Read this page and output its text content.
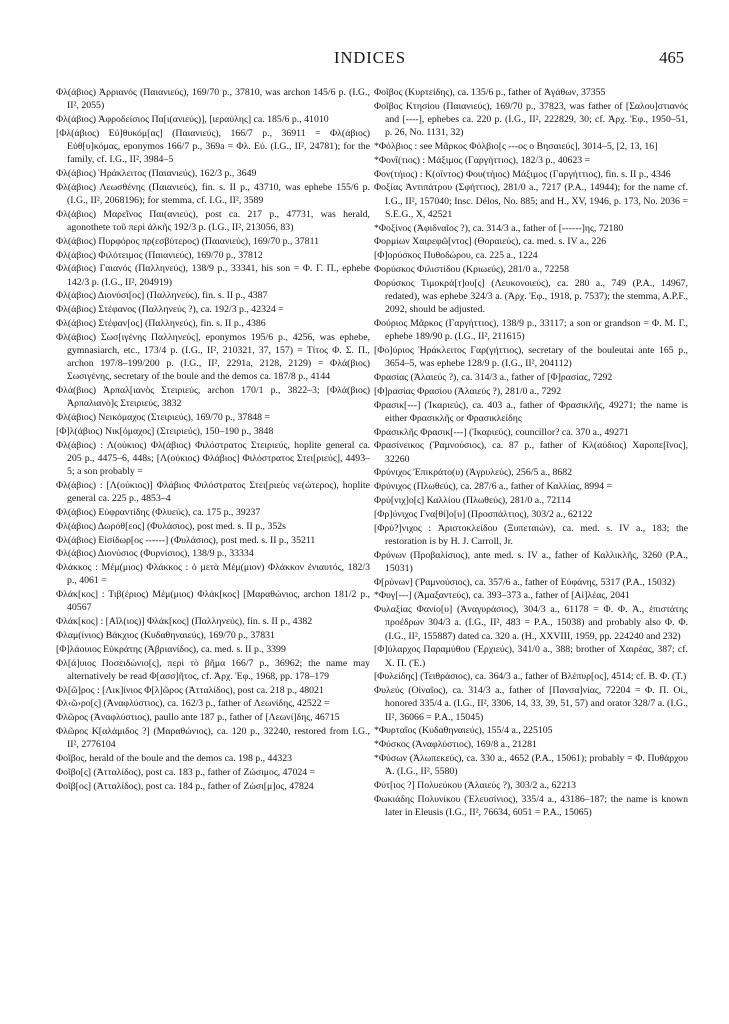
INDICES	465

Φλ(άβιος) Ἀρριανός (Παιανιεύς), 169/70 p., 37810, was archon 145/6 p. (I.G., II², 2055)

Φλ(άβιος) Ἀφροδείσιος Πα[ι(ανιεύς)], [ιεραύλης] ca. 185/6 p., 41010

[Φλ(άβιος) Εὐ]θυκόμ[ας] (Παιανιεύς), 166/7 p., 36911 = Φλ(άβιος) Εὐθ[υ]κόμας, eponymos 166/7 p., 369a = Φλ. Εὐ. (I.G., II², 24781); for the family, cf. I.G., II², 3984–5

Φλ(άβιος) Ἡράκλειτος (Παιανιεύς), 162/3 p., 3649

Φλ(άβιος) Λεωσθένης (Παιανιεύς), fin. s. II p., 43710, was ephebe 155/6 p. (I.G., II², 2068196); for stemma, cf. I.G., II², 3589

Φλ(άβιος) Μαρεῖνος Παι(ανιεύς), post ca. 217 p., 47731, was herald, agonothete τοῦ περὶ ἀλκῆς 192/3 p. (I.G., II², 213056, 83)

Φλ(άβιος) Πυρφόρος πρ(εσβύτερος) (Παιανιεύς), 169/70 p., 37811

Φλ(άβιος) Φιλότειμος (Παιανιεύς), 169/70 p., 37812

Φλ(άβιος) Γαιανός (Παλληνεύς), 138/9 p., 33341, his son = Φ. Γ. Π., ephebe 142/3 p. (I.G., II², 204919)

Φλ(άβιος) Διονύσι[ος] (Παλληνεύς), fin. s. II p., 4387

Φλ(άβιος) Στέφανος (Παλληνεύς ?), ca. 192/3 p., 42324 =

Φλ(άβιος) Στέφαν[ος] (Παλληνεύς), fin. s. II p., 4386

Φλ(άβιος) Σωσ[ιγένης Παλληνεύς], eponymos 195/6 p., 4256, was ephebe, gymnasiarch, etc., 173/4 p. (I.G., II², 210321, 37, 157) = Τίτος Φ. Σ. Π., archon 197/8–199/200 p. (I.G., II², 2291a, 2128, 2129) = Φλά(βιος) Σωσιγένης, secretary of the boule and the demos ca. 187/8 p., 4144

Φλά(βιος) Ἀρπαλ[ιανὸς Στειριεύς, archon 170/1 p., 3822–3; [Φλά(βιος) Ἀρπαλιανὸ]ς Στειριεύς, 3832

Φλ(άβιος) Νεικόμαχος (Στειριεύς), 169/70 p., 37848 =

[Φ]λ(άβιος) Νικ[όμαχος] (Στειριεύς), 150–190 p., 3848

Φλ(άβιος) : Λ(ούκιος) Φλ(άβιος) Φιλόστρατος Στειριεύς, hoplite general ca. 205 p., 4475–6, 448s; [Λ(ούκιος) Φλάβιος] Φιλόστρατος Στει[ριεύς], 4493–5; a son probably =

Φλ(άβιος) : [Λ(ούκιος)] Φλάβιος Φιλόστρατος Στει[ριεὺς νε(ώτερος), hoplite general ca. 225 p., 4853–4

Φλ(άβιος) Εὐφραντίδης (Φλυεύς), ca. 175 p., 39237

Φλ(άβιος) Δωρόθ[εος] (Φυλάσιος), post med. s. II p., 352s

Φλ(άβιος) Εἰσίδωρ[ος ------] (Φυλάσιος), post med. s. II p., 35211

Φλ(άβιος) Διονύσιος (Φυρνίσιος), 138/9 p., 33334

Φλάκκος : Μέμ(μιος) Φλάκκος : ὁ μετὰ Μέμ(μιον) Φλάκκον ἐνιαυτός, 182/3 p., 4061 =

Φλάκ[κος] : Τιβ(έριος) Μέμ(μιος) Φλάκ[κος] [Μαραθώνιος, archon 181/2 p., 40567

Φλάκ[κος] : [Αἴλ(ιος)] Φλάκ[κος] (Παλληνεύς), fin. s. II p., 4382

Φλαμ(ίνιος) Βάκχιος (Κυδαθηναιεύς), 169/70 p., 37831

[Φ]λάουιος Εὐκράτης (Ἀβριανίδος), ca. med. s. II p., 3399

Φλ[ά]υιος Ποσειδώνιο[ς], περὶ τὸ βῆμα 166/7 p., 36962; the name may alternatively be read Φ[ασσ]ῆτος, cf. Ἀρχ. Ἐφ., 1968, pp. 178–179

Φλ[ῶ]ρος : [Λικ]ίνιος Φ[λ]ῶρος (Ἀτταλίδος), post ca. 218 p., 48021

Φλ‹ῶ›ρο[ς] (Ἀναφλύστιος), ca. 162/3 p., father of Λεωνίδης, 42522 =

Φλῶρος (Ἀναφλύστιος), paullo ante 187 p., father of [Λεωνί]δης, 46715

Φλῶρος Κ[αλάμιδος ?] (Μαραθώνιος), ca. 120 p., 32240, restored from I.G., II², 2776104

Φοῖβος, herald of the boule and the demos ca. 198 p., 44323

Φοῖβο[ς] (Ἀτταλίδος), post ca. 183 p., father of Ζώσιμος, 47024 =

Φοῖβ[ος] (Ἀτταλίδος), post ca. 184 p., father of Ζώσι[μ]ος, 47824

Φοῖβος (Κυρτείδης), ca. 135/6 p., father of Ἀγάθων, 37355

Φοῖβος Κτησίου (Παιανιεύς), 169/70 p., 37823, was father of [Σαλου]στιανός and [----], ephebes ca. 220 p. (I.G., II², 222829, 30; cf. Ἀρχ. Ἐφ., 1950–51, p. 26, No. 1131, 32)

*Φόλβιος : see Μᾶρκος Φόλβιο[ς ---ος ο Βησαιεύς], 3014–5, [2, 13, 16]

*Φονΐ(τιος) : Μάξιμος (Γαργήττιος), 182/3 p., 40623 =

Φον(τήιος) : Κ(οΐντος) Φου(τήιος) Μάξιμος (Γαργήττιος), fin. s. II p., 4346

Φοξίας Ἀντιπάτρου (Σφήττιος), 281/0 a., 7217 (P.A., 14944); for the name cf. I.G., II², 157040; Insc. Délos, No. 885; and H., XV, 1946, p. 173, No. 2036 = S.E.G., X, 42521

*Φοξίνος (Ἀφιδναῖος ?), ca. 314/3 a., father of [------]ης, 72180

Φορμίων Χαιρεφῶ[ντος] (Θοραιεύς), ca. med. s. IV a., 226

[Φ]ορύσκος Πυθοδώρου, ca. 225 a., 1224

Φορύσκος Φιλιστίδου (Κριωεύς), 281/0 a., 72258

Φορύσκος Τιμοκρά[τ]ου[ς] (Λευκονοιεύς), ca. 280 a., 749 (P.A., 14967, redated), was ephebe 324/3 a. (Ἀρχ. Ἐφ., 1918, p. 7537); the stemma, A.P.F., 2092, should be adjusted.

Φούριος Μᾶρκος (Γαργήττιος), 138/9 p., 33117; a son or grandson = Φ. Μ. Γ., ephebe 189/90 p. (I.G., II², 211615)

[Φο]ύριος Ἡράκλειτος Γαρ(γήττιος), secretary of the bouleutai ante 165 p., 3654–5, was ephebe 128/9 p. (I.G., II², 204112)

Φρασίας (Ἁλαιεύς ?), ca. 314/3 a., father of [Φ]ρασίας, 7292

[Φ]ρασίας Φρασίου (Ἁλαιεύς ?), 281/0 a., 7292

Φρασικ[---] (Ἰκαριεύς), ca. 403 a., father of Φρασικλῆς, 49271; the name is either Φρασικλῆς or Φρασικλείδης

Φρασικλῆς Φρασικ[---] (Ἰκαριεύς), councillor? ca. 370 a., 49271

Φρασίνεικος (Ῥαμνούσιος), ca. 87 p., father of Κλ(αύδιος) Χαροπε[ῖνος], 32260

Φρύνιχος Ἐπικράτο(υ) (Ἀγρυλεύς), 256/5 a., 8682

Φρύνιχος (Πλωθεύς), ca. 287/6 a., father of Καλλίας, 8994 =

Φρύ[νιχ]ο[ς] Καλλίου (Πλωθεύς), 281/0 a., 72114

[Φρ]ύνιχος Γνα[θί]ο[υ] (Προσπάλτιος), 303/2 a., 62122

[Φρύ?]νιχος : Ἀριστοκλείδου (Ξυπεταιών), ca. med. s. IV a., 183; the restoration is by H. J. Carroll, Jr.

Φρύνων (Προβαλίσιος), ante med. s. IV a., father of Καλλικλῆς, 3260 (P.A., 15031)

Φ[ρύνων] (Ῥαμνούσιος), ca. 357/6 a., father of Εὐφάνης, 5317 (P.A., 15032)

*Φυγ[---] (Ἀμαξαντεύς), ca. 393–373 a., father of [Αἰ]λέας, 2041

Φυλαξίας Φανίο[υ] (Ἀναγυράσιος), 304/3 a., 61178 = Φ. Φ. Ἀ., ἐπιστάτης προέδρων 304/3 a. (I.G., II², 483 = P.A., 15038) and probably also Φ. Φ. (I.G., II², 155887) dated ca. 320 a. (H., XXVIII, 1959, pp. 224240 and 232)

[Φ]ύλαρχος Παραμύθου (Ἐρχιεύς), 341/0 a., 388; brother of Χαιρέας, 387; cf. Χ. Π. (Ἐ.)

[Φυλείδης] (Τειθράσιος), ca. 364/3 a., father of Βλέπυρ[ος], 4514; cf. Β. Φ. (Τ.)

Φυλεύς (Οἰναῖος), ca. 314/3 a., father of [Πανσα]νίας, 72204 = Φ. Π. Οἰ., honored 335/4 a. (I.G., II², 3306, 14, 33, 39, 51, 57) and orator 328/7 a. (I.G., II², 36066 = P.A., 15045)

*Φυρταῖος (Κυδαθηναιεύς), 155/4 a., 225105

*Φύσκος (Ἀναφλύστιος), 169/8 a., 21281

*Φύσων (Ἀλωπεκεύς), ca. 330 a., 4652 (P.A., 15061); probably = Φ. Πυθάρχου Ἀ. (I.G., II², 5580)

Φύτ[ιος ?] Πολυεύκου (Ἁλαιεύς ?), 303/2 a., 62213

Φωκιάδης Πολυνίκου (Ἐλευσίνιος), 335/4 a., 43186–187; the name is known later in Eleusis (I.G., II², 76634, 6051 = P.A., 15065)
